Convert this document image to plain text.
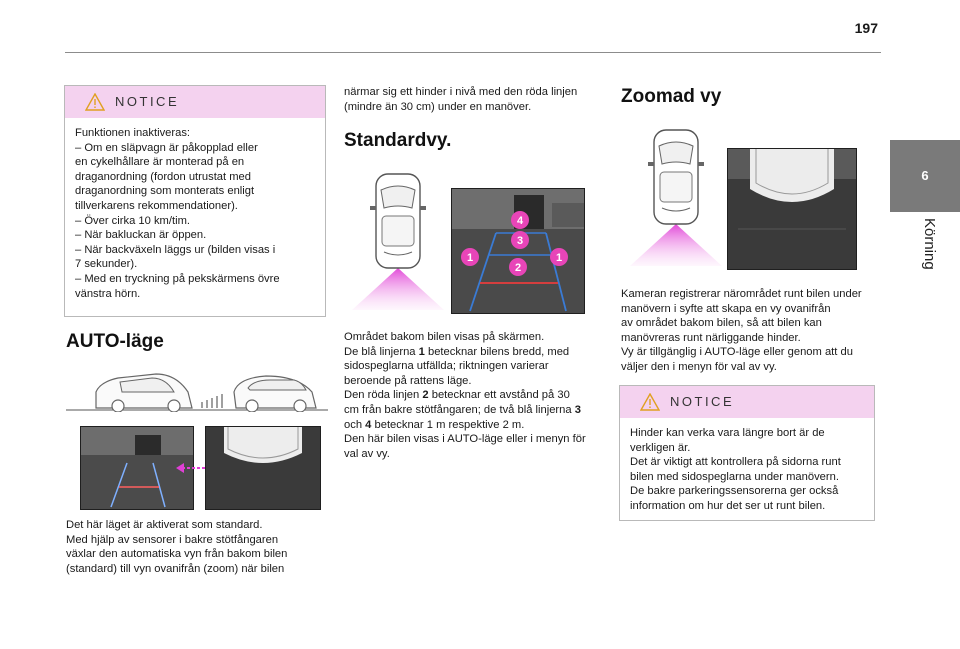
197
6
Körning
NOTICE

Funktionen inaktiveras:

– Om en släpvagn är påkopplad eller

en cykelhållare är monterad på en

draganordning (fordon utrustat med

draganordning som monterats enligt

tillverkarens rekommendationer).

– Över cirka 10 km/tim.

– När bakluckan är öppen.

– När backväxeln läggs ur (bilden visas i

7 sekunder).

– Med en tryckning på pekskärmens övre

vänstra hörn.

AUTO-läge

Det här läget är aktiverat som standard.

Med hjälp av sensorer i bakre stötfångaren

växlar den automatiska vyn från bakom bilen

(standard) till vyn ovanifrån (zoom) när bilen

närmar sig ett hinder i nivå med den röda linjen

(mindre än 30 cm) under en manöver.

Standardvy.
4
3
1	1
2

Området bakom bilen visas på skärmen.

De blå linjerna 1 betecknar bilens bredd, med

sidospeglarna utfällda; riktningen varierar

beroende på rattens läge.

Den röda linjen 2 betecknar ett avstånd på 30

cm från bakre stötfångaren; de två blå linjerna 3

och 4 betecknar 1 m respektive 2 m.

Den här bilen visas i AUTO-läge eller i menyn för

val av vy.

Zoomad vy

Kameran registrerar närområdet runt bilen under

manövern i syfte att skapa en vy ovanifrån

av området bakom bilen, så att bilen kan

manövreras runt närliggande hinder.

Vy är tillgänglig i AUTO-läge eller genom att du

väljer den i menyn för val av vy.

NOTICE

Hinder kan verka vara längre bort är de

verkligen är.

Det är viktigt att kontrollera på sidorna runt

bilen med sidospeglarna under manövern.

De bakre parkeringssensorerna ger också

information om hur det ser ut runt bilen.
